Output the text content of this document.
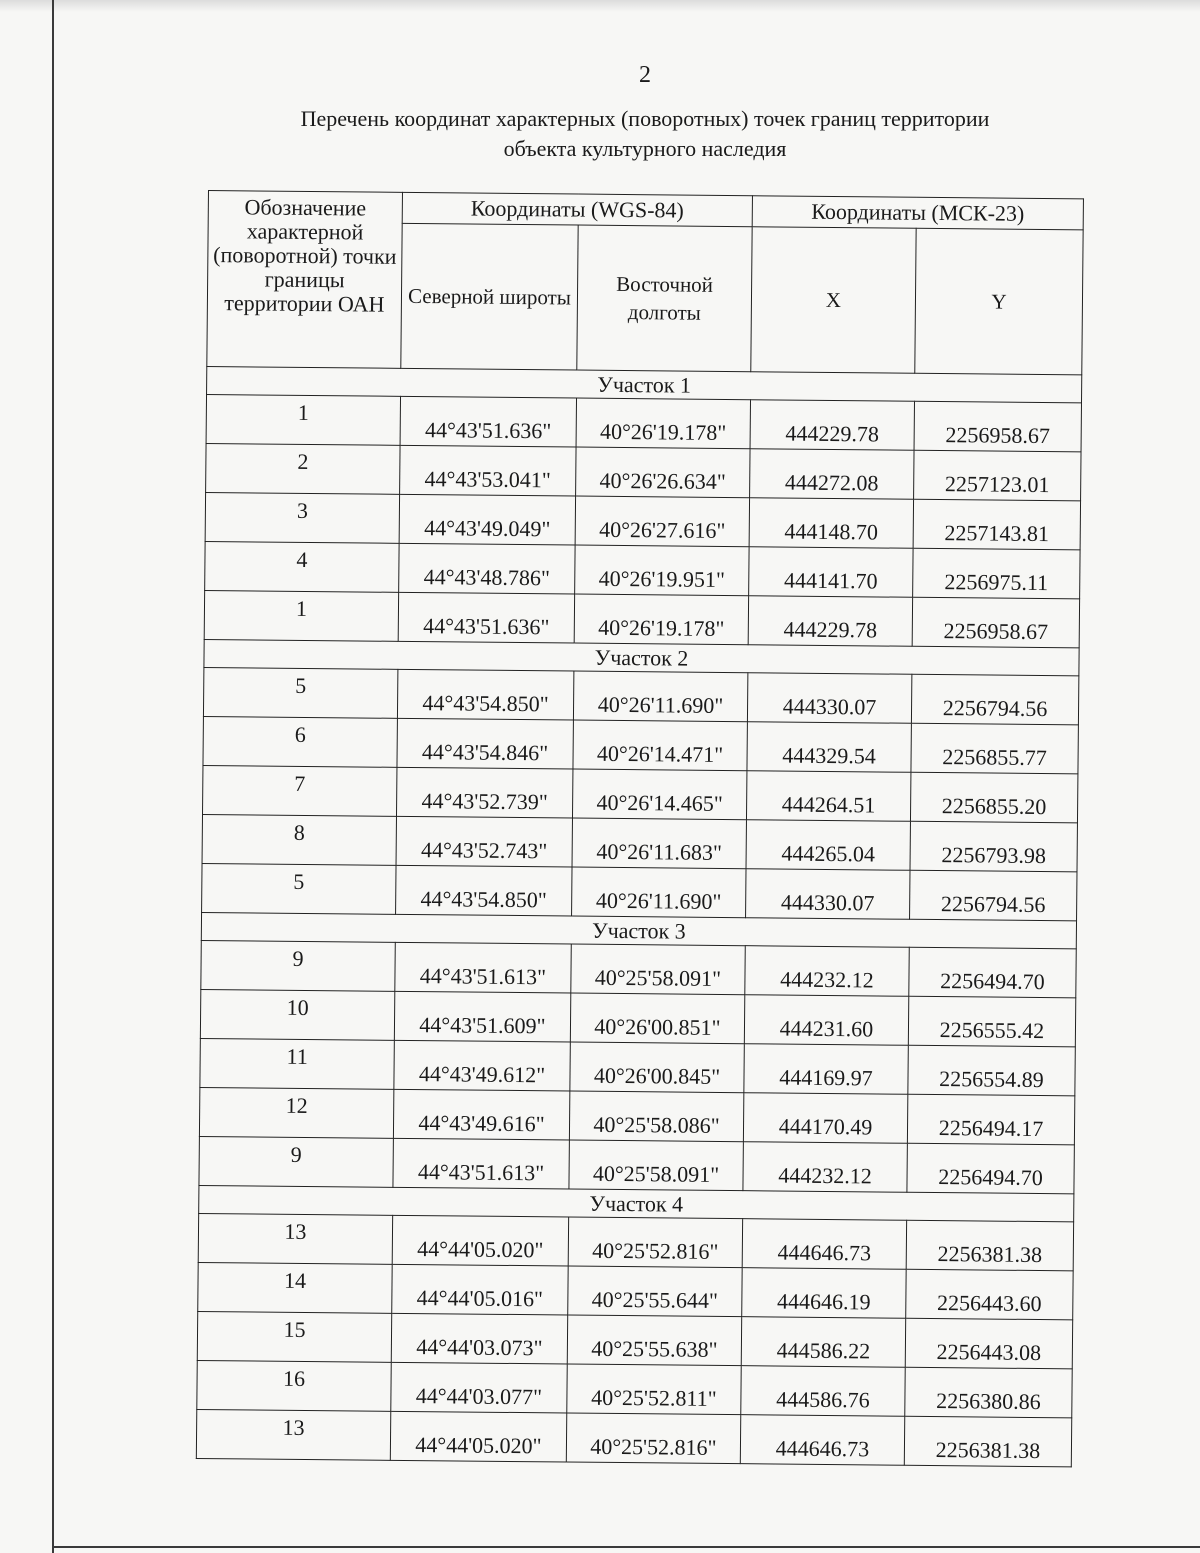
2
Перечень координат характерных (поворотных) точек границ территории
объекта культурного наследия
Обозначение характерной (поворотной) точки границы территории ОАН	Координаты (WGS-84)		Координаты (МСК-23)	
	Северной широты	Восточной долготы	X	Y
Участок 1				
1	44°43'51.636"	40°26'19.178"	444229.78	2256958.67
2	44°43'53.041"	40°26'26.634"	444272.08	2257123.01
3	44°43'49.049"	40°26'27.616"	444148.70	2257143.81
4	44°43'48.786"	40°26'19.951"	444141.70	2256975.11
1	44°43'51.636"	40°26'19.178"	444229.78	2256958.67
Участок 2				
5	44°43'54.850"	40°26'11.690"	444330.07	2256794.56
6	44°43'54.846"	40°26'14.471"	444329.54	2256855.77
7	44°43'52.739"	40°26'14.465"	444264.51	2256855.20
8	44°43'52.743"	40°26'11.683"	444265.04	2256793.98
5	44°43'54.850"	40°26'11.690"	444330.07	2256794.56
Участок 3				
9	44°43'51.613"	40°25'58.091"	444232.12	2256494.70
10	44°43'51.609"	40°26'00.851"	444231.60	2256555.42
11	44°43'49.612"	40°26'00.845"	444169.97	2256554.89
12	44°43'49.616"	40°25'58.086"	444170.49	2256494.17
9	44°43'51.613"	40°25'58.091"	444232.12	2256494.70
Участок 4				
13	44°44'05.020"	40°25'52.816"	444646.73	2256381.38
14	44°44'05.016"	40°25'55.644"	444646.19	2256443.60
15	44°44'03.073"	40°25'55.638"	444586.22	2256443.08
16	44°44'03.077"	40°25'52.811"	444586.76	2256380.86
13	44°44'05.020"	40°25'52.816"	444646.73	2256381.38
